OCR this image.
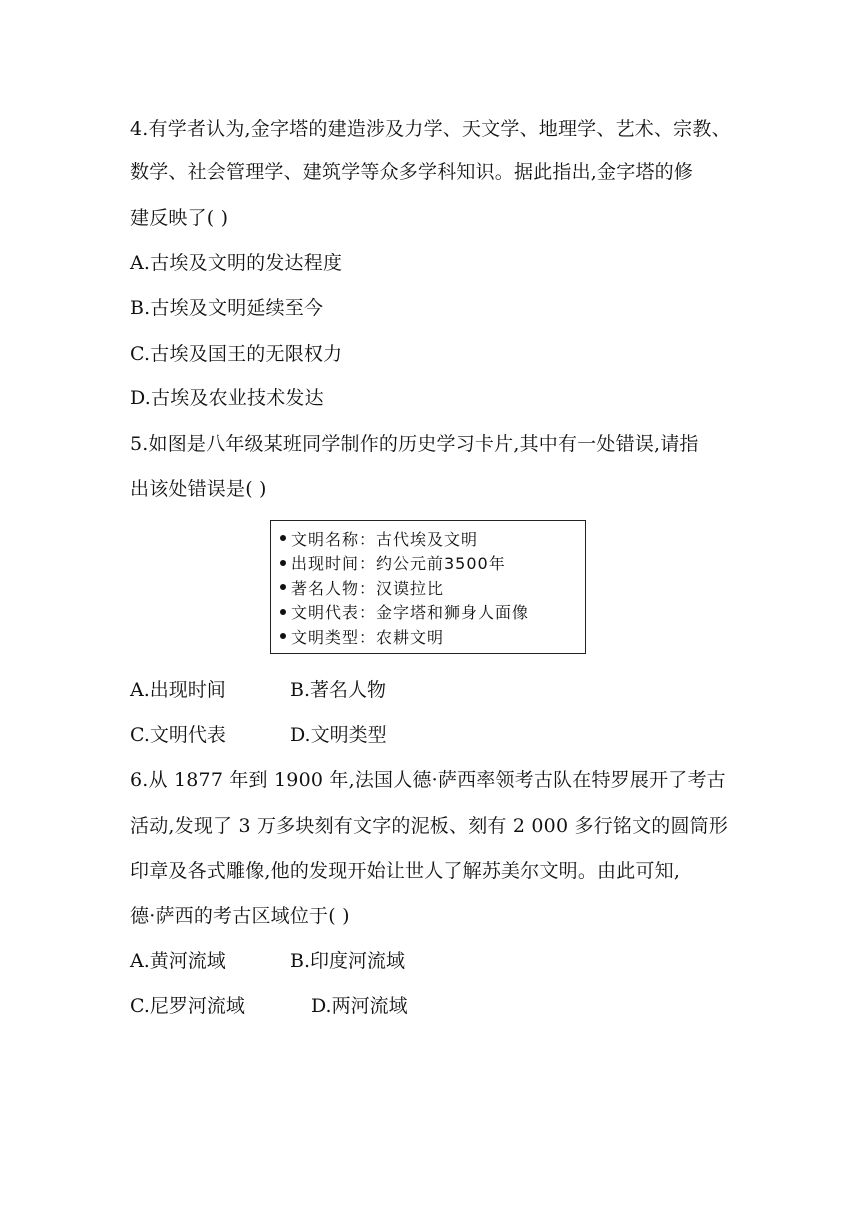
4.有学者认为,金字塔的建造涉及力学、天文学、地理学、艺术、宗教、
数学、社会管理学、建筑学等众多学科知识。据此指出,金字塔的修
建反映了( )
A.古埃及文明的发达程度
B.古埃及文明延续至今
C.古埃及国王的无限权力
D.古埃及农业技术发达
5.如图是八年级某班同学制作的历史学习卡片,其中有一处错误,请指
出该处错误是( )
文明名称：古代埃及文明
出现时间：约公元前3500年
著名人物：汉谟拉比
文明代表：金字塔和狮身人面像
文明类型：农耕文明
A.出现时间	B.著名人物
C.文明代表	D.文明类型
6.从 1877 年到 1900 年,法国人德·萨西率领考古队在特罗展开了考古
活动,发现了 3 万多块刻有文字的泥板、刻有 2 000 多行铭文的圆筒形
印章及各式雕像,他的发现开始让世人了解苏美尔文明。由此可知,
德·萨西的考古区域位于( )
A.黄河流域	B.印度河流域
C.尼罗河流域	D.两河流域
